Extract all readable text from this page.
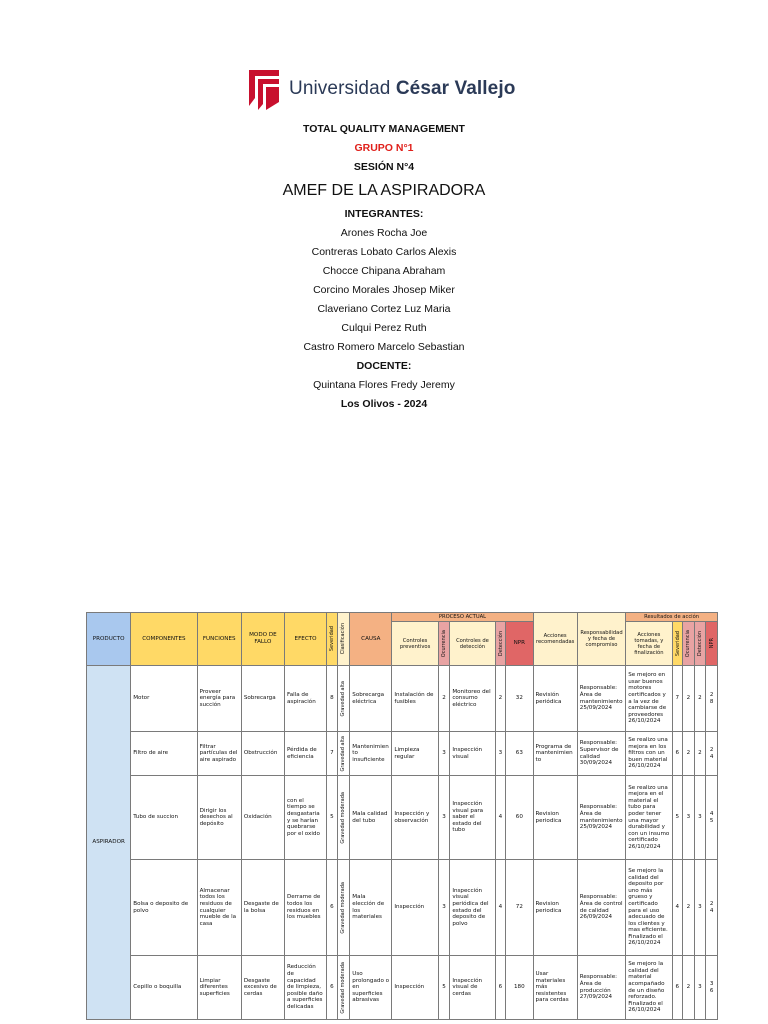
Universidad César Vallejo

TOTAL QUALITY MANAGEMENT

GRUPO N°1

SESIÓN N°4

AMEF DE LA ASPIRADORA

INTEGRANTES:

Arones Rocha Joe

Contreras Lobato Carlos Alexis

Chocce Chipana Abraham

Corcino Morales Jhosep Miker

Claveriano Cortez Luz Maria

Culqui Perez Ruth

Castro Romero Marcelo Sebastian

DOCENTE:

Quintana Flores Fredy Jeremy

Los Olivos - 2024

PRODUCTO	COMPONENTES	FUNCIONES	MODO DE FALLO	EFECTO	Severidad	Clasificación	CAUSA	PROCESO ACTUAL					Acciones recomendadas	Responsabilidad y fecha de compromiso	Resultados de acción				
								Controles preventivos	Ocurrencia	Controles de detección	Detección	NPR			Acciones tomadas, y fecha de finalización	Severidad	Ocurrencia	Detección	NPR

ASPIRADOR	Motor	Proveer energía para succión	Sobrecarga	Falla de aspiración	8	Gravedad alta	Sobrecarga eléctrica	Instalación de fusibles	2	Monitoreo del consumo eléctrico	2	32	Revisión periódica	Responsable: Área de mantenimiento 25/09/2024	Se mejoro en usar buenos motores certificados y a la vez de cambiarse de proveedores 26/10/2024	7	2	2	28
	Filtro de aire	Filtrar partículas del aire aspirado	Obstrucción	Pérdida de eficiencia	7	Gravedad alta	Mantenimiento insuficiente	Limpieza regular	3	Inspección visual	3	63	Programa de mantenimiento	Responsable: Supervisor de calidad 30/09/2024	Se realizo una mejora en los filtros con un buen material 26/10/2024	6	2	2	24
	Tubo de succion	Dirigir los desechos al depósito	Oxidación	con el tiempo se desgastaria y se harían quebrarse por el oxido	5	Gravedad moderada	Mala calidad del tubo	Inspección y observación	3	Inspección visual para saber el estado del tubo	4	60	Revision periodica	Responsable: Área de mantenimiento 25/09/2024	Se realizo una mejora en el material el tubo para poder tener una mayor durabilidad y con un insumo certificado 26/10/2024	5	3	3	45
	Bolsa o deposito de polvo	Almacenar todos los residuos de cualquier mueble de la casa	Desgaste de la bolsa	Derrame de todos los residuos en los muebles	6	Gravedad moderada	Mala elección de los materiales	Inspección	3	Inspección visual periódica del estado del deposito de polvo	4	72	Revision periodica	Responsable: Área de control de calidad 26/09/2024	Se mejoro la calidad del deposito por uno más grueso y certificado para el uso adecuado de los clientes y mas eficiente. Finalizado el 26/10/2024	4	2	3	24
	Cepillo o boquilla	Limpiar diferentes superficies	Desgaste excesivo de cerdas	Reducción de capacidad de limpieza, posible daño a superficies delicadas	6	Gravedad moderada	Uso prolongado o en superficies abrasivas	Inspección	5	Inspección visual de cerdas	6	180	Usar materiales más resistentes para cerdas	Responsable: Área de producción 27/09/2024	Se mejoro la calidad del material acompañado de un diseño reforzado. Finalizado el 26/10/2024	6	2	3	36
